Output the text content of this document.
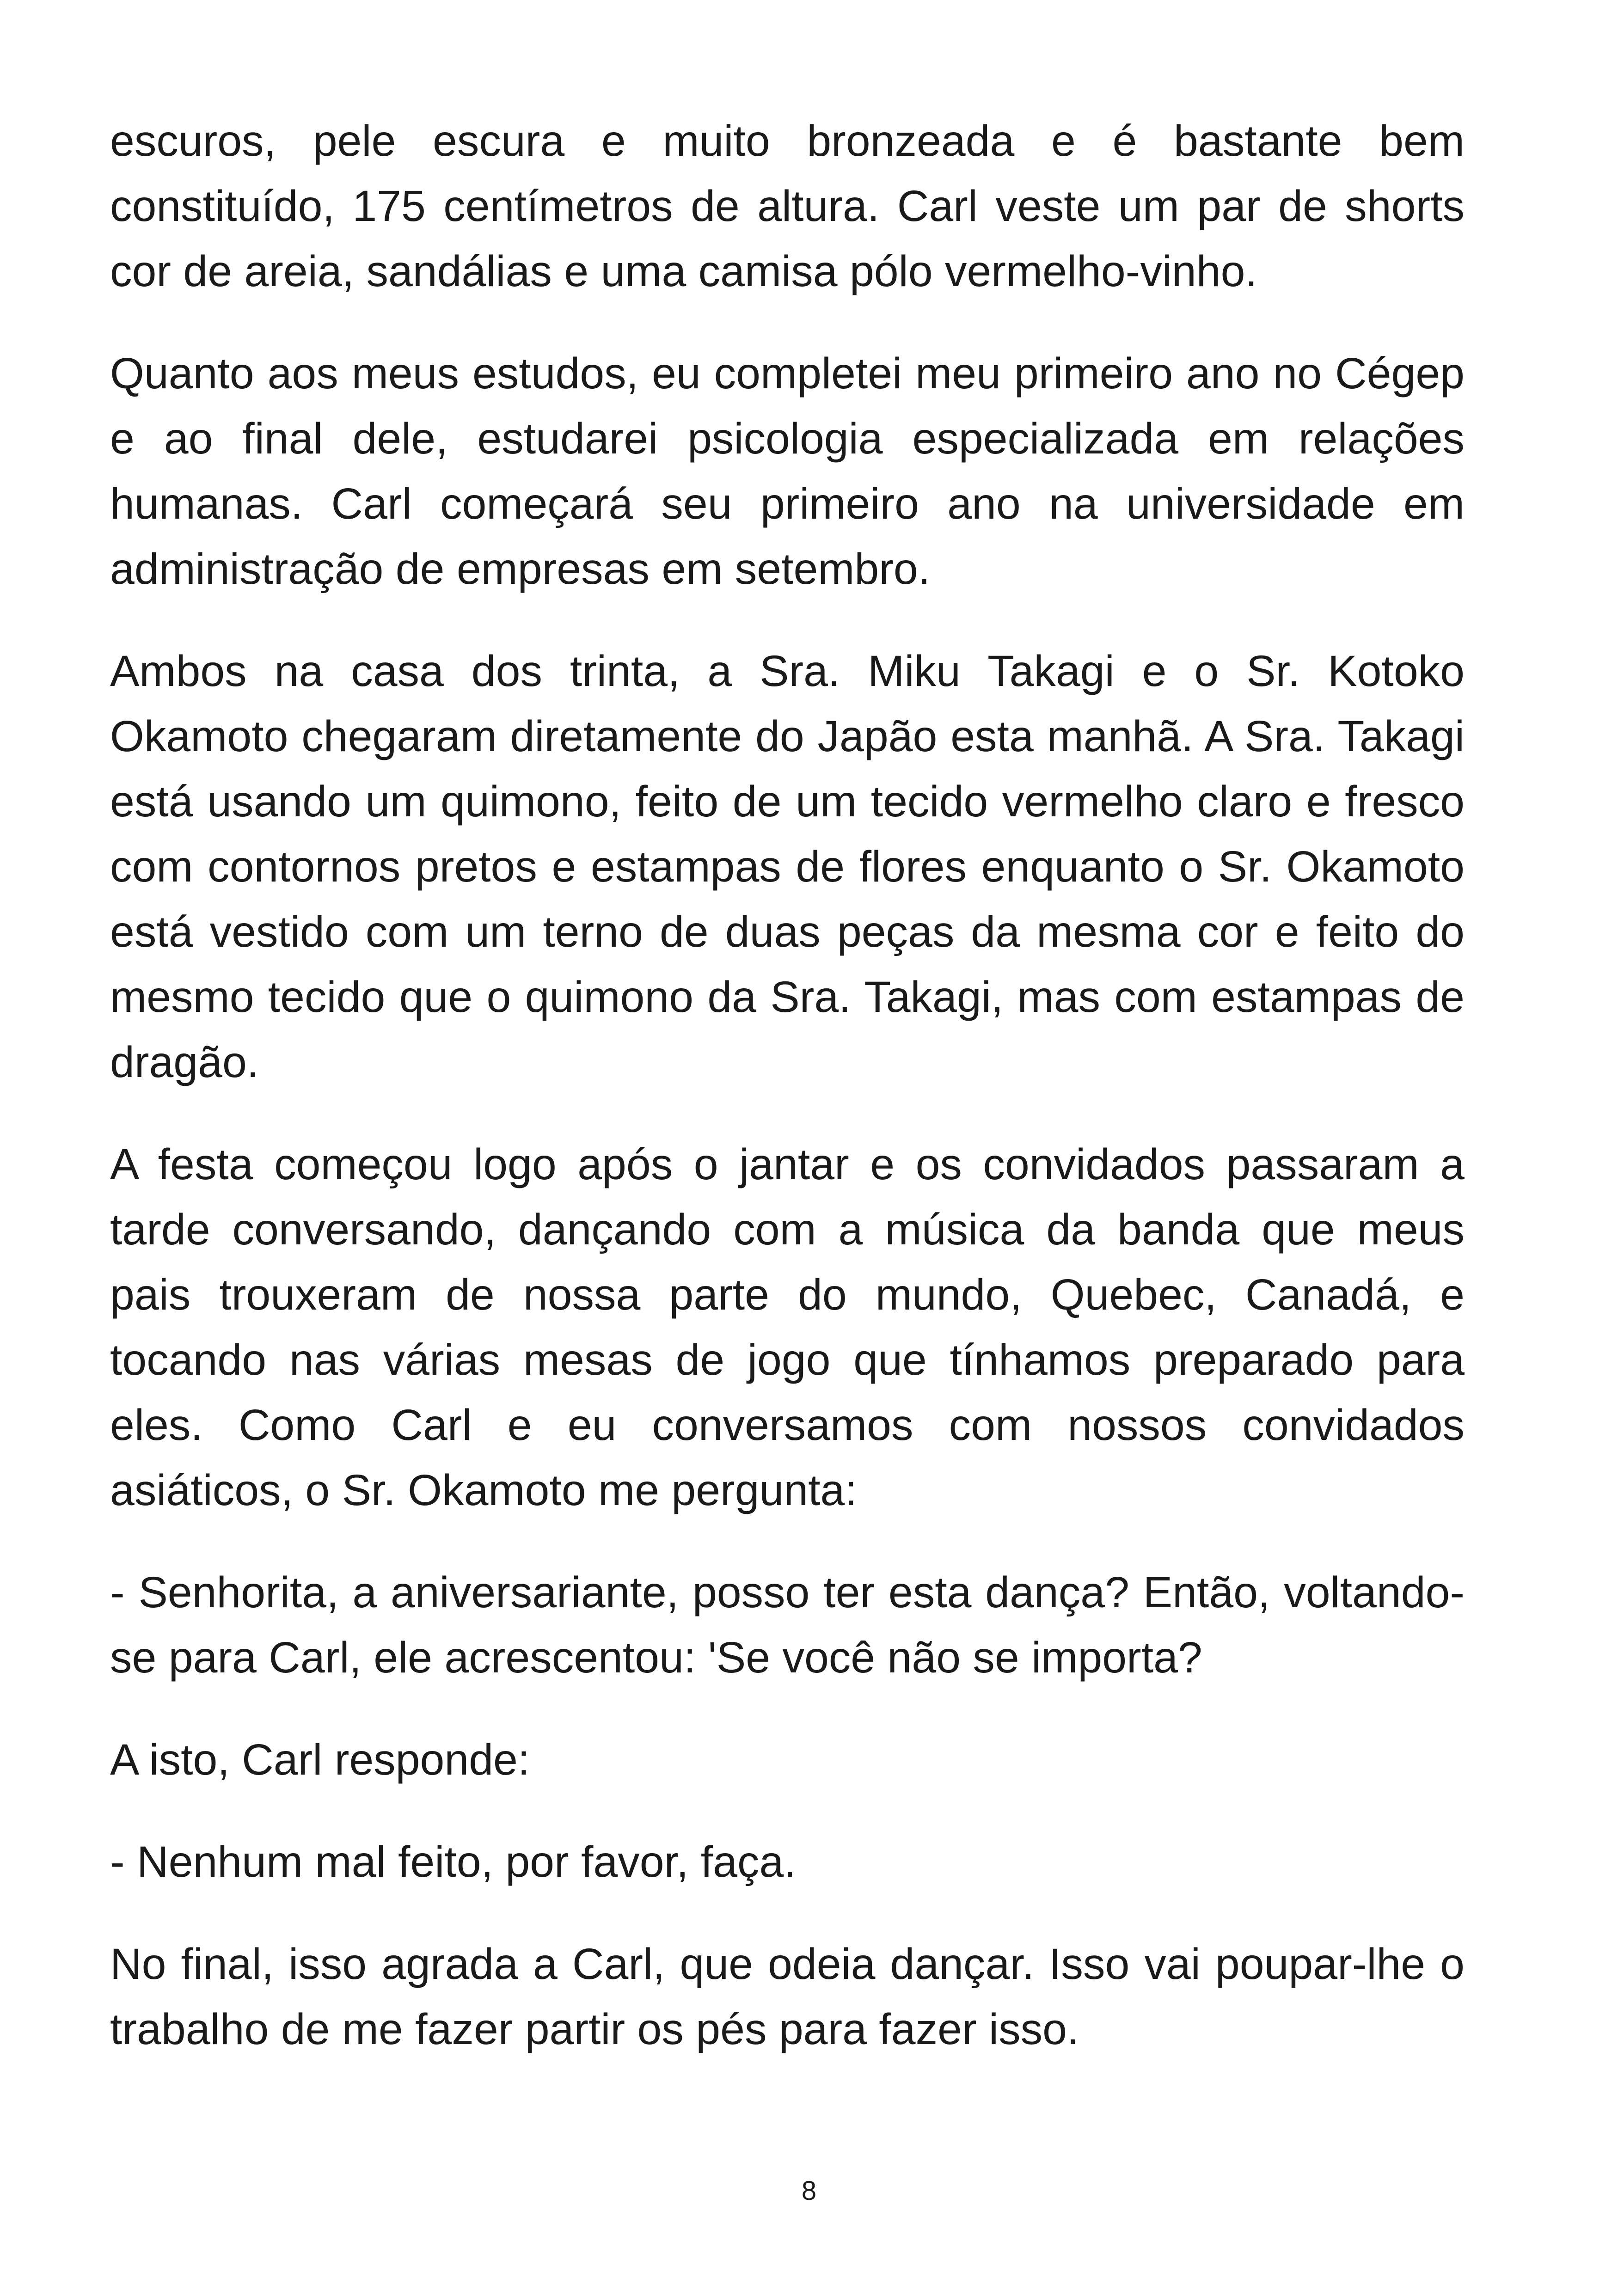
escuros, pele escura e muito bronzeada e é bastante bem constituído, 175 centímetros de altura. Carl veste um par de shorts cor de areia, sandálias e uma camisa pólo vermelho-vinho.

Quanto aos meus estudos, eu completei meu primeiro ano no Cégep e ao final dele, estudarei psicologia especializada em relações humanas. Carl começará seu primeiro ano na universidade em administração de empresas em setembro.

Ambos na casa dos trinta, a Sra. Miku Takagi e o Sr. Kotoko Okamoto chegaram diretamente do Japão esta manhã. A Sra. Takagi está usando um quimono, feito de um tecido vermelho claro e fresco com contornos pretos e estampas de flores enquanto o Sr. Okamoto está vestido com um terno de duas peças da mesma cor e feito do mesmo tecido que o quimono da Sra. Takagi, mas com estampas de dragão.

A festa começou logo após o jantar e os convidados passaram a tarde conversando, dançando com a música da banda que meus pais trouxeram de nossa parte do mundo, Quebec, Canadá, e tocando nas várias mesas de jogo que tínhamos preparado para eles. Como Carl e eu conversamos com nossos convidados asiáticos, o Sr. Okamoto me pergunta:

- Senhorita, a aniversariante, posso ter esta dança? Então, voltando-se para Carl, ele acrescentou: 'Se você não se importa?

A isto, Carl responde:

- Nenhum mal feito, por favor, faça.

No final, isso agrada a Carl, que odeia dançar. Isso vai poupar-lhe o trabalho de me fazer partir os pés para fazer isso.

8
